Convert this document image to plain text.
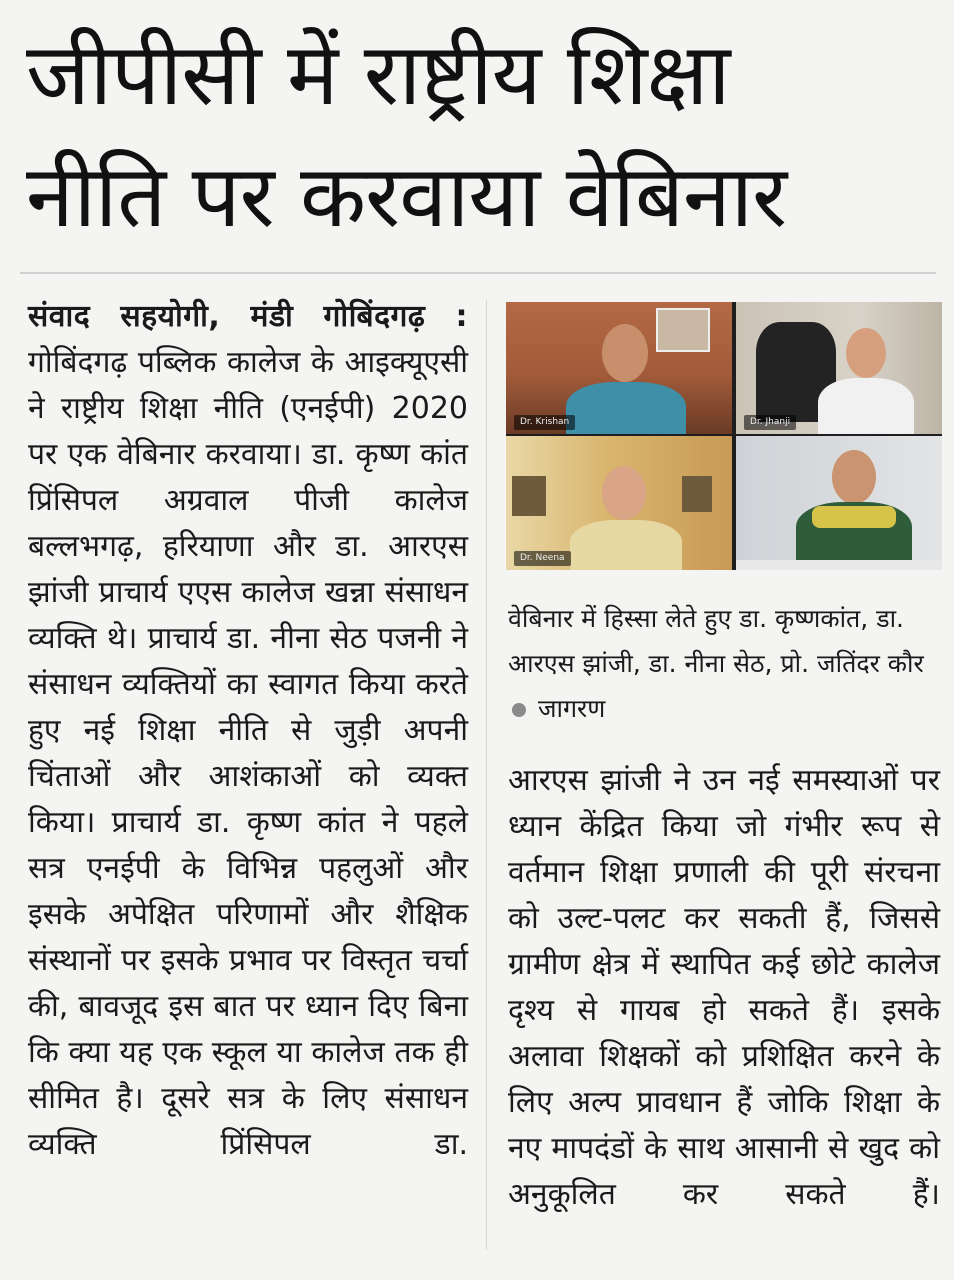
जीपीसी में राष्ट्रीय शिक्षा
नीति पर करवाया वेबिनार

संवाद सहयोगी, मंडी गोबिंदगढ़ : गोबिंदगढ़ पब्लिक कालेज के आइक्यूएसी ने राष्ट्रीय शिक्षा नीति (एनईपी) 2020 पर एक वेबिनार करवाया। डा. कृष्ण कांत प्रिंसिपल अग्रवाल पीजी कालेज बल्लभगढ़, हरियाणा और डा. आरएस झांजी प्राचार्य एएस कालेज खन्ना संसाधन व्यक्ति थे। प्राचार्य डा. नीना सेठ पजनी ने संसाधन व्यक्तियों का स्वागत किया करते हुए नई शिक्षा नीति से जुड़ी अपनी चिंताओं और आशंकाओं को व्यक्त किया। प्राचार्य डा. कृष्ण कांत ने पहले सत्र एनईपी के विभिन्न पहलुओं और इसके अपेक्षित परिणामों और शैक्षिक संस्थानों पर इसके प्रभाव पर विस्तृत चर्चा की, बावजूद इस बात पर ध्यान दिए बिना कि क्या यह एक स्कूल या कालेज तक ही सीमित है। दूसरे सत्र के लिए संसाधन व्यक्ति प्रिंसिपल डा.

Dr. Krishan	Dr. Jhanji
Dr. Neena
वेबिनार में हिस्सा लेते हुए डा. कृष्णकांत, डा. आरएस झांजी, डा. नीना सेठ, प्रो. जतिंदर कौर  जागरण

आरएस झांजी ने उन नई समस्याओं पर ध्यान केंद्रित किया जो गंभीर रूप से वर्तमान शिक्षा प्रणाली की पूरी संरचना को उल्ट-पलट कर सकती हैं, जिससे ग्रामीण क्षेत्र में स्थापित कई छोटे कालेज दृश्य से गायब हो सकते हैं। इसके अलावा शिक्षकों को प्रशिक्षित करने के लिए अल्प प्रावधान हैं जोकि शिक्षा के नए मापदंडों के साथ आसानी से खुद को अनुकूलित कर सकते हैं।
